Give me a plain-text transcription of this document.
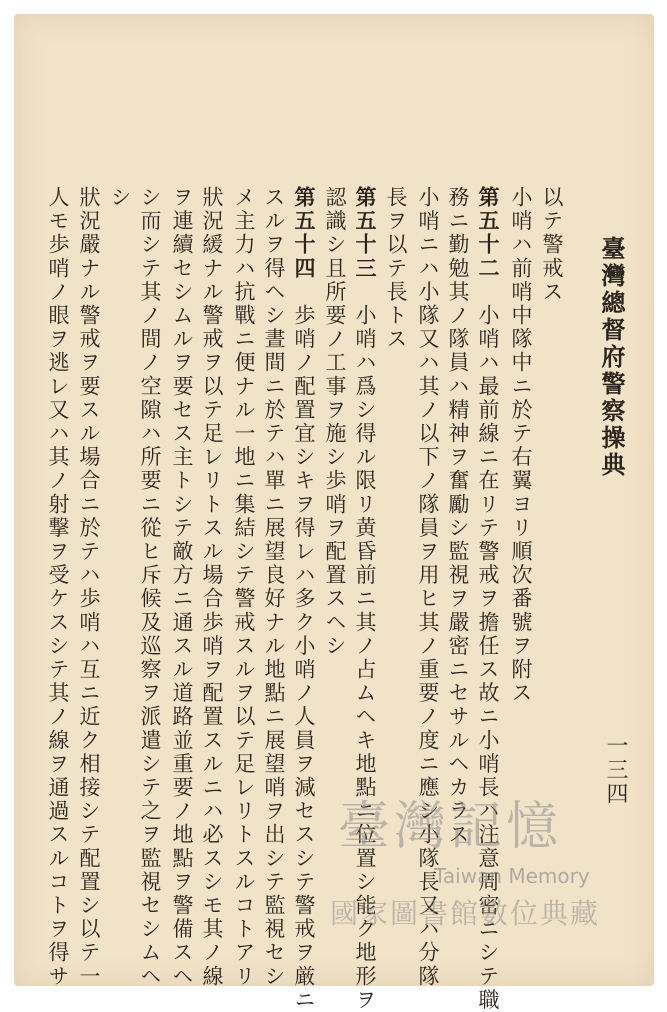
臺灣總督府警察操典
一三四
以テ警戒ス
小哨ハ前哨中隊中ニ於テ右翼ヨリ順次番號ヲ附ス
第五十二　小哨ハ最前線ニ在リテ警戒ヲ擔任ス故ニ小哨長ハ注意周密ニシテ職
務ニ勤勉其ノ隊員ハ精神ヲ奮勵シ監視ヲ嚴密ニセサルヘカラス
小哨ニハ小隊又ハ其ノ以下ノ隊員ヲ用ヒ其ノ重要ノ度ニ應シ小隊長又ハ分隊
長ヲ以テ長トス
第五十三　小哨ハ爲シ得ル限リ黄昏前ニ其ノ占ムヘキ地點ニ位置シ能ク地形ヲ
認識シ且所要ノ工事ヲ施シ歩哨ヲ配置スヘシ
第五十四　歩哨ノ配置宜シキヲ得レハ多ク小哨ノ人員ヲ減セスシテ警戒ヲ厳ニ
スルヲ得ヘシ晝間ニ於テハ單ニ展望良好ナル地點ニ展望哨ヲ出シテ監視セシ
メ主力ハ抗戰ニ便ナル一地ニ集結シテ警戒スルヲ以テ足レリトスルコトアリ
狀況緩ナル警戒ヲ以テ足レリトスル場合歩哨ヲ配置スルニハ必スシモ其ノ線
ヲ連續セシムルヲ要セス主トシテ敵方ニ通スル道路並重要ノ地點ヲ警備スヘ
シ而シテ其ノ間ノ空隙ハ所要ニ從ヒ斥候及巡察ヲ派遣シテ之ヲ監視セシムヘ
シ
狀況嚴ナル警戒ヲ要スル場合ニ於テハ歩哨ハ互ニ近ク相接シテ配置シ以テ一
人モ歩哨ノ眼ヲ逃レ又ハ其ノ射撃ヲ受ケスシテ其ノ線ヲ通過スルコトヲ得サ	臺灣記憶
Taiwan Memory
國家圖書館數位典藏
